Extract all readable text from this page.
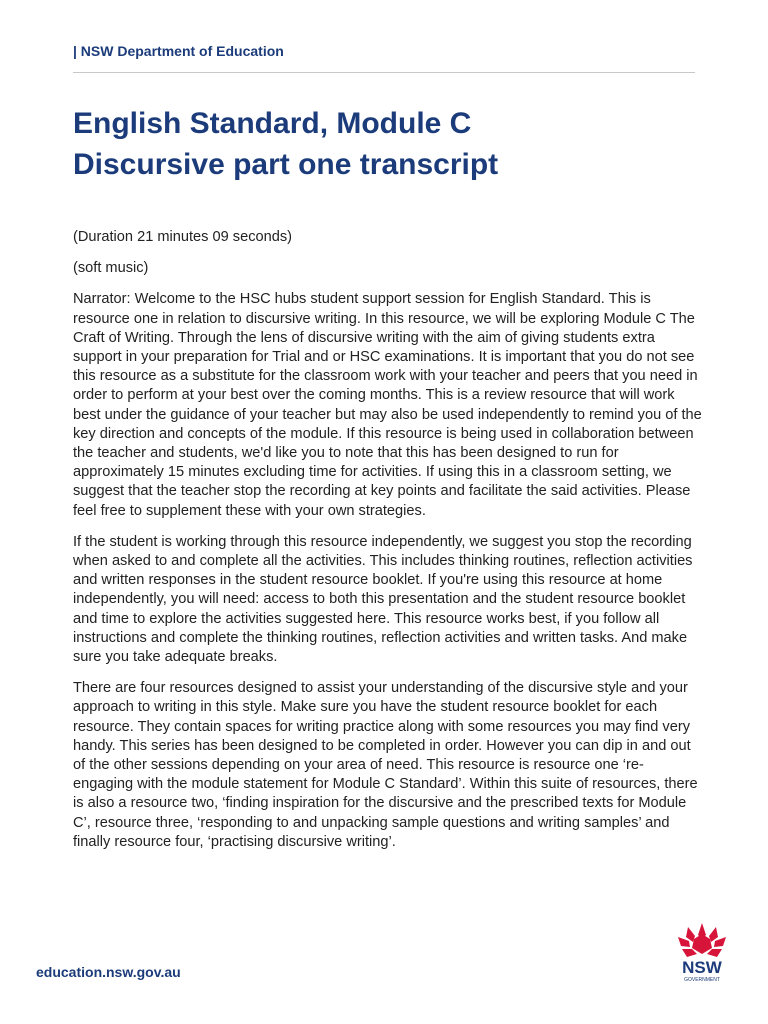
| NSW Department of Education
English Standard, Module C
Discursive part one transcript

(Duration 21 minutes 09 seconds)

(soft music)

Narrator: Welcome to the HSC hubs student support session for English Standard. This is resource one in relation to discursive writing. In this resource, we will be exploring Module C The Craft of Writing. Through the lens of discursive writing with the aim of giving students extra support in your preparation for Trial and or HSC examinations. It is important that you do not see this resource as a substitute for the classroom work with your teacher and peers that you need in order to perform at your best over the coming months. This is a review resource that will work best under the guidance of your teacher but may also be used independently to remind you of the key direction and concepts of the module. If this resource is being used in collaboration between the teacher and students, we'd like you to note that this has been designed to run for approximately 15 minutes excluding time for activities. If using this in a classroom setting, we suggest that the teacher stop the recording at key points and facilitate the said activities. Please feel free to supplement these with your own strategies.

If the student is working through this resource independently, we suggest you stop the recording when asked to and complete all the activities. This includes thinking routines, reflection activities and written responses in the student resource booklet. If you're using this resource at home independently, you will need: access to both this presentation and the student resource booklet and time to explore the activities suggested here. This resource works best, if you follow all instructions and complete the thinking routines, reflection activities and written tasks. And make sure you take adequate breaks.

There are four resources designed to assist your understanding of the discursive style and your approach to writing in this style. Make sure you have the student resource booklet for each resource. They contain spaces for writing practice along with some resources you may find very handy. This series has been designed to be completed in order. However you can dip in and out of the other sessions depending on your area of need. This resource is resource one ‘re-engaging with the module statement for Module C Standard’. Within this suite of resources, there is also a resource two, ‘finding inspiration for the discursive and the prescribed texts for Module C’, resource three, ‘responding to and unpacking sample questions and writing samples’ and finally resource four, ‘practising discursive writing’.

education.nsw.gov.au	NSW
GOVERNMENT
